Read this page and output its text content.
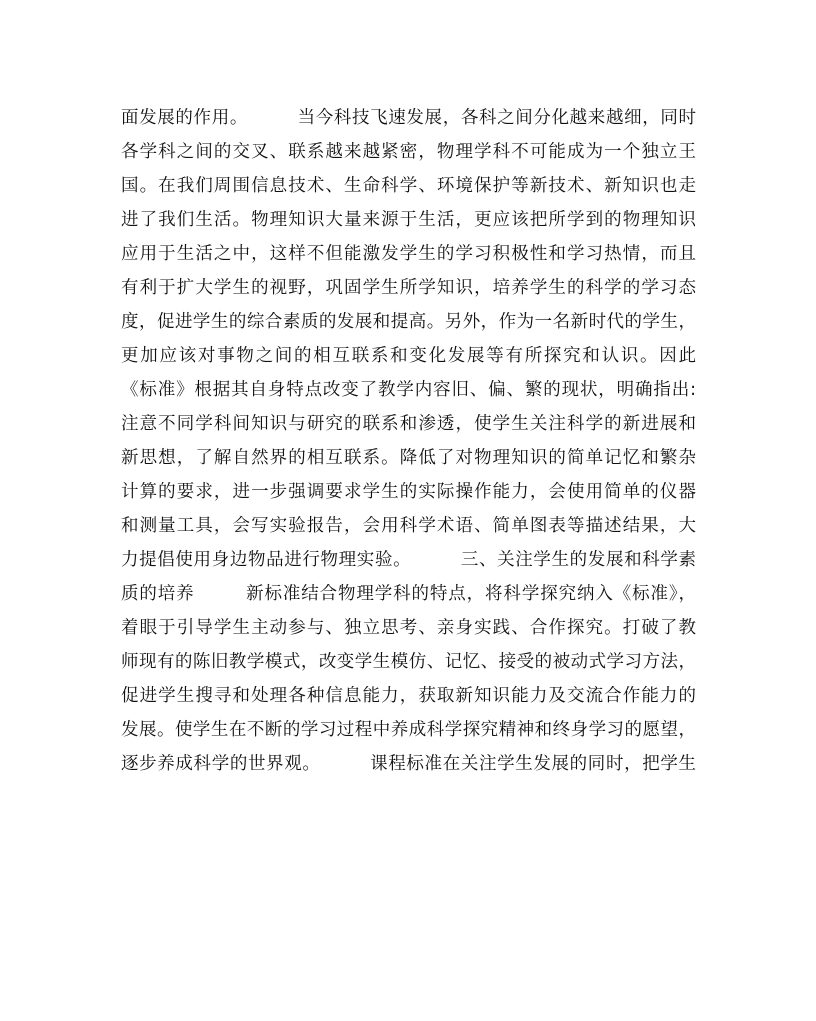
面发展的作用。        当今科技飞速发展，各科之间分化越来越细，同时
各学科之间的交叉、联系越来越紧密，物理学科不可能成为一个独立王
国。在我们周围信息技术、生命科学、环境保护等新技术、新知识也走
进了我们生活。物理知识大量来源于生活，更应该把所学到的物理知识
应用于生活之中，这样不但能激发学生的学习积极性和学习热情，而且
有利于扩大学生的视野，巩固学生所学知识，培养学生的科学的学习态
度，促进学生的综合素质的发展和提高。另外，作为一名新时代的学生，
更加应该对事物之间的相互联系和变化发展等有所探究和认识。因此
《标准》根据其自身特点改变了教学内容旧、偏、繁的现状，明确指出:
注意不同学科间知识与研究的联系和渗透，使学生关注科学的新进展和
新思想，了解自然界的相互联系。降低了对物理知识的简单记忆和繁杂
计算的要求，进一步强调要求学生的实际操作能力，会使用简单的仪器
和测量工具，会写实验报告，会用科学术语、简单图表等描述结果，大
力提倡使用身边物品进行物理实验。        三、关注学生的发展和科学素
质的培养        新标准结合物理学科的特点，将科学探究纳入《标准》，
着眼于引导学生主动参与、独立思考、亲身实践、合作探究。打破了教
师现有的陈旧教学模式，改变学生模仿、记忆、接受的被动式学习方法，
促进学生搜寻和处理各种信息能力，获取新知识能力及交流合作能力的
发展。使学生在不断的学习过程中养成科学探究精神和终身学习的愿望，
逐步养成科学的世界观。        课程标准在关注学生发展的同时，把学生
